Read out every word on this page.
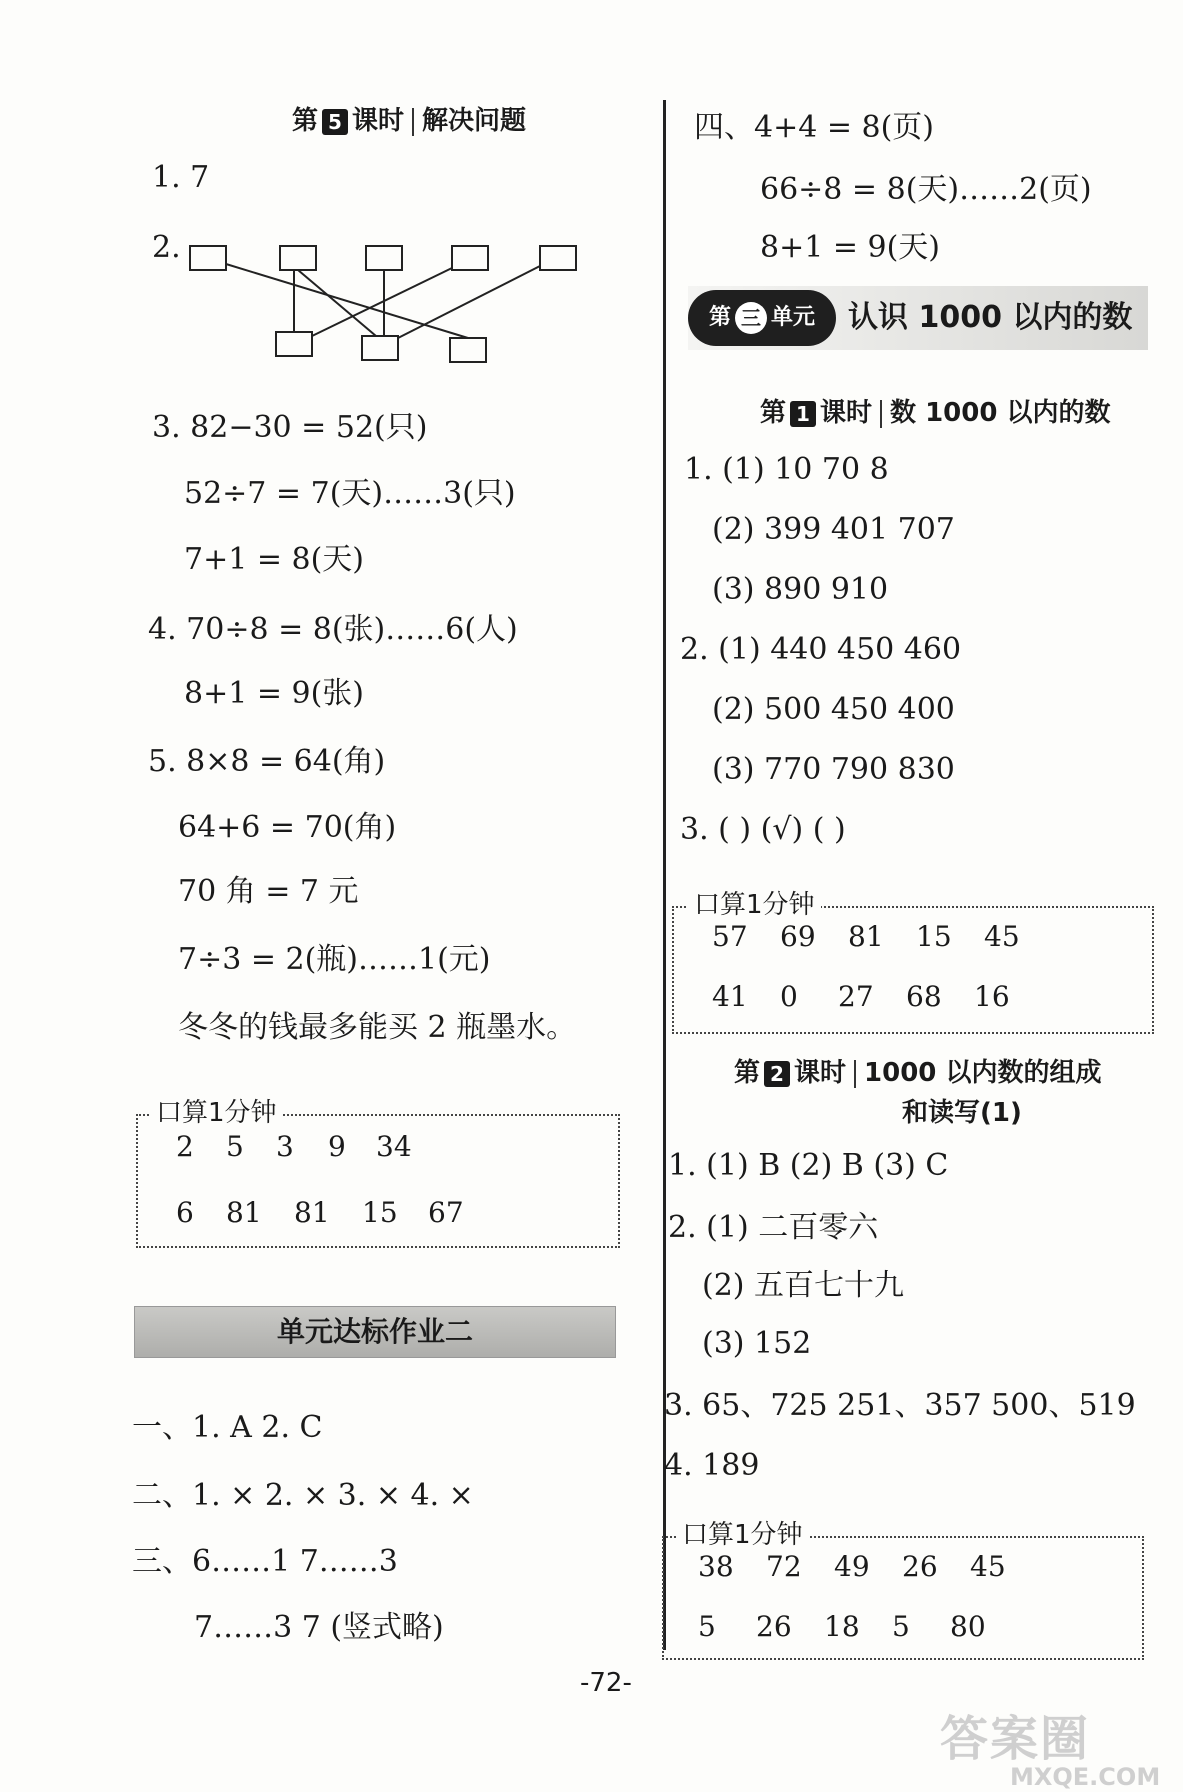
第 5 课时 解决问题
1. 7
2.
3. 82−30 = 52(只)
52÷7 = 7(天)……3(只)
7+1 = 8(天)
4. 70÷8 = 8(张)……6(人)
8+1 = 9(张)
5. 8×8 = 64(角)
64+6 = 70(角)
70 角 = 7 元
7÷3 = 2(瓶)……1(元)
冬冬的钱最多能买 2 瓶墨水。
口算1分钟
2 5 3 9 34
6 81 81 15 67
单元达标作业二
一、1. A 2. C
二、1. × 2. × 3. × 4. ×
三、6……1 7……3
7……3 7 (竖式略)
四、4+4 = 8(页)
66÷8 = 8(天)……2(页)
8+1 = 9(天)
第 三 单元	认识 1000 以内的数
第 1 课时 数 1000 以内的数
1. (1) 10 70 8
(2) 399 401 707
(3) 890 910
2. (1) 440 450 460
(2) 500 450 400
(3) 770 790 830
3. ( ) (√) ( )
口算1分钟
57 69 81 15 45
41 0 27 68 16
第 2 课时 1000 以内数的组成
和读写(1)
1. (1) B (2) B (3) C
2. (1) 二百零六
(2) 五百七十九
(3) 152
3. 65、725 251、357 500、519
4. 189
口算1分钟
38 72 49 26 45
5 26 18 5 80
-72-
答案圈
MXQE.COM
